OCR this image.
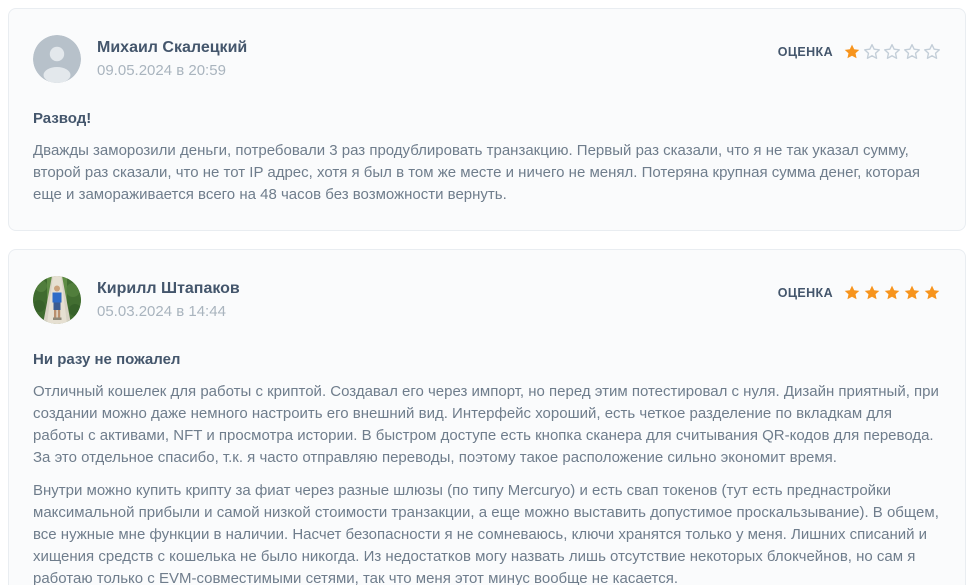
Михаил Скалецкий
09.05.2024 в 20:59
ОЦЕНКА
Развод!

Дважды заморозили деньги, потребовали 3 раз продублировать транзакцию. Первый раз сказали, что я не так указал сумму, второй раз сказали, что не тот IP адрес, хотя я был в том же месте и ничего не менял. Потеряна крупная сумма денег, которая еще и замораживается всего на 48 часов без возможности вернуть.

Кирилл Штапаков
05.03.2024 в 14:44
ОЦЕНКА
Ни разу не пожалел

Отличный кошелек для работы с криптой. Создавал его через импорт, но перед этим потестировал с нуля. Дизайн приятный, при создании можно даже немного настроить его внешний вид. Интерфейс хороший, есть четкое разделение по вкладкам для работы с активами, NFT и просмотра истории. В быстром доступе есть кнопка сканера для считывания QR-кодов для перевода. За это отдельное спасибо, т.к. я часто отправляю переводы, поэтому такое расположение сильно экономит время.

Внутри можно купить крипту за фиат через разные шлюзы (по типу Mercuryo) и есть свап токенов (тут есть преднастройки максимальной прибыли и самой низкой стоимости транзакции, а еще можно выставить допустимое проскальзывание). В общем, все нужные мне функции в наличии. Насчет безопасности я не сомневаюсь, ключи хранятся только у меня. Лишних списаний и хищения средств с кошелька не было никогда. Из недостатков могу назвать лишь отсутствие некоторых блокчейнов, но сам я работаю только с EVM-совместимыми сетями, так что меня этот минус вообще не касается.
